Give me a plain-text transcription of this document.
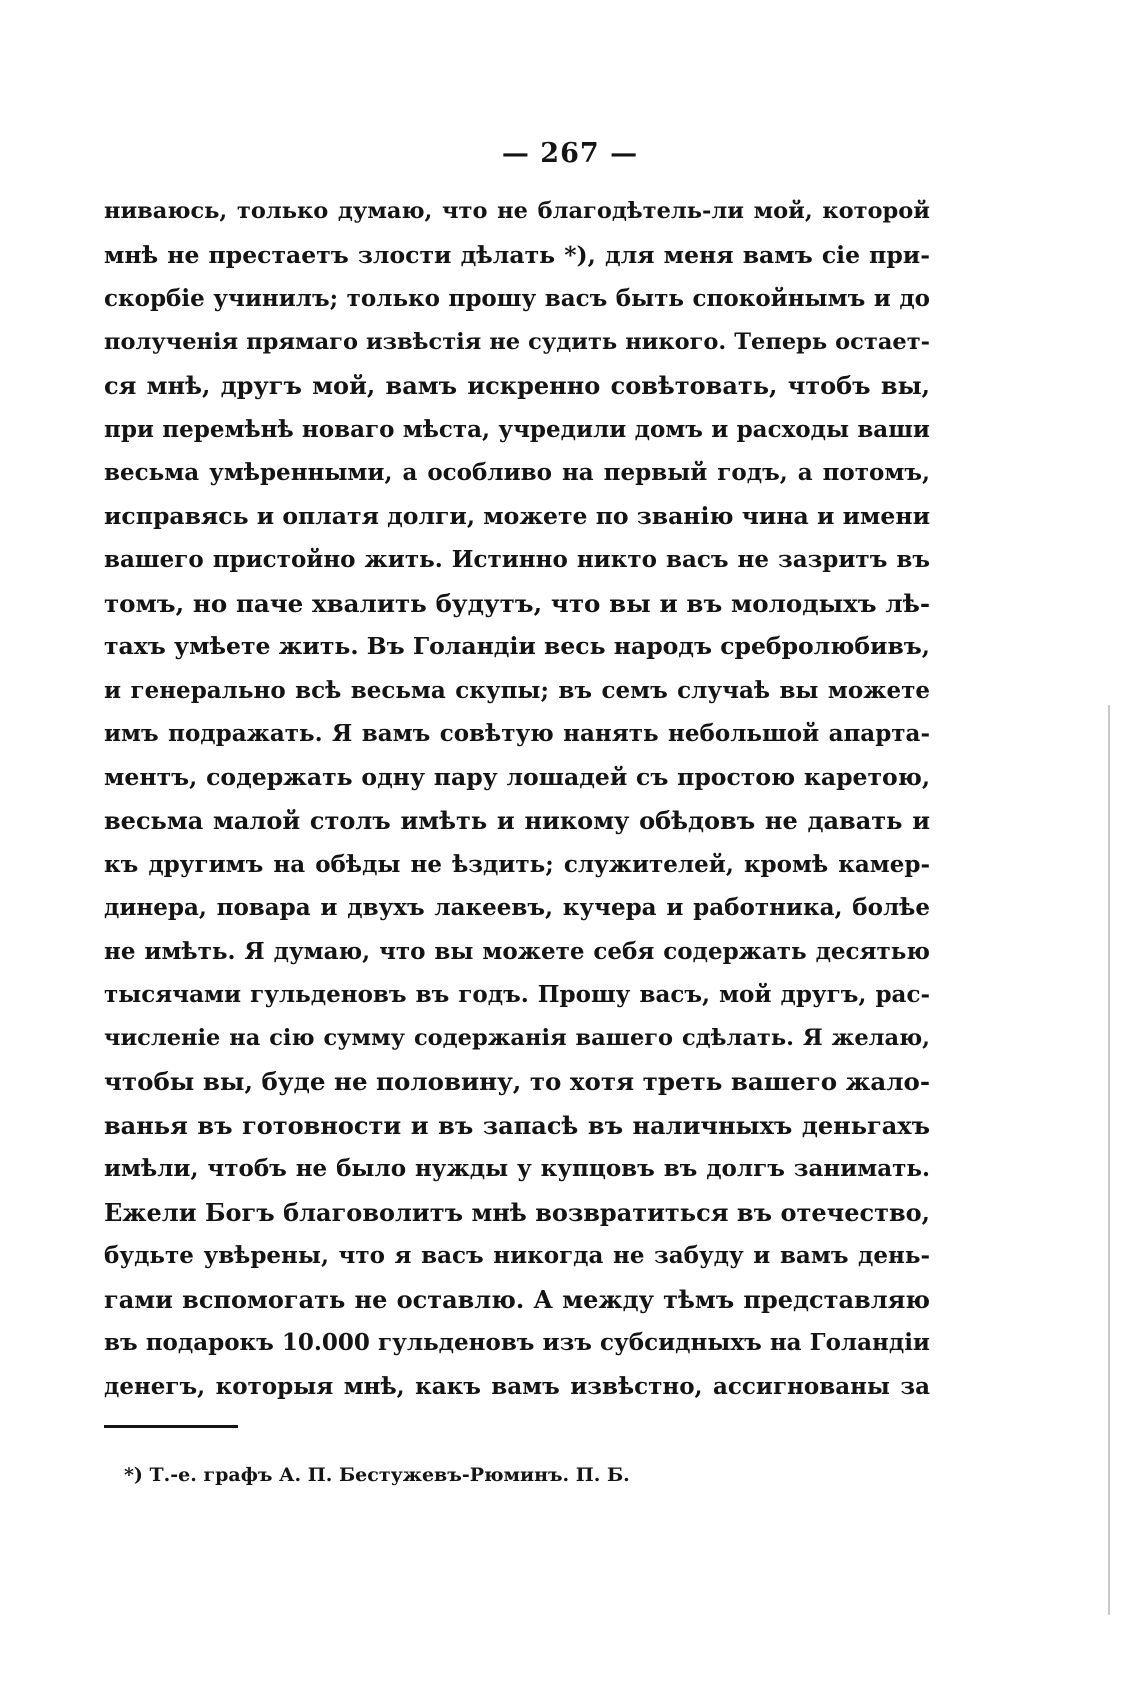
— 267 —
ниваюсь, только думаю, что не благодѣтель-ли мой, которой
мнѣ не престаетъ злости дѣлать *), для меня вамъ сіе при-
скорбіе учинилъ; только прошу васъ быть спокойнымъ и до
полученія прямаго извѣстія не судить никого. Теперь остает-
ся мнѣ, другъ мой, вамъ искренно совѣтовать, чтобъ вы,
при перемѣнѣ новаго мѣста, учредили домъ и расходы ваши
весьма умѣренными, а особливо на первый годъ, а потомъ,
исправясь и оплатя долги, можете по званію чина и имени
вашего пристойно жить. Истинно никто васъ не зазритъ въ
томъ, но паче хвалить будутъ, что вы и въ молодыхъ лѣ-
тахъ умѣете жить. Въ Голандіи весь народъ сребролюбивъ,
и генерально всѣ весьма скупы; въ семъ случаѣ вы можете
имъ подражать. Я вамъ совѣтую нанять небольшой апарта-
ментъ, содержать одну пару лошадей съ простою каретою,
весьма малой столъ имѣть и никому обѣдовъ не давать и
къ другимъ на обѣды не ѣздить; служителей, кромѣ камер-
динера, повара и двухъ лакеевъ, кучера и работника, болѣе
не имѣть. Я думаю, что вы можете себя содержать десятью
тысячами гульденовъ въ годъ. Прошу васъ, мой другъ, рас-
численіе на сію сумму содержанія вашего сдѣлать. Я желаю,
чтобы вы, буде не половину, то хотя треть вашего жало-
ванья въ готовности и въ запасѣ въ наличныхъ деньгахъ
имѣли, чтобъ не было нужды у купцовъ въ долгъ занимать.
Ежели Богъ благоволитъ мнѣ возвратиться въ отечество,
будьте увѣрены, что я васъ никогда не забуду и вамъ день-
гами вспомогать не оставлю. А между тѣмъ представляю
въ подарокъ 10.000 гульденовъ изъ субсидныхъ на Голандіи
денегъ, которыя мнѣ, какъ вамъ извѣстно, ассигнованы за
*) Т.-е. графъ А. П. Бестужевъ-Рюминъ. П. Б.
